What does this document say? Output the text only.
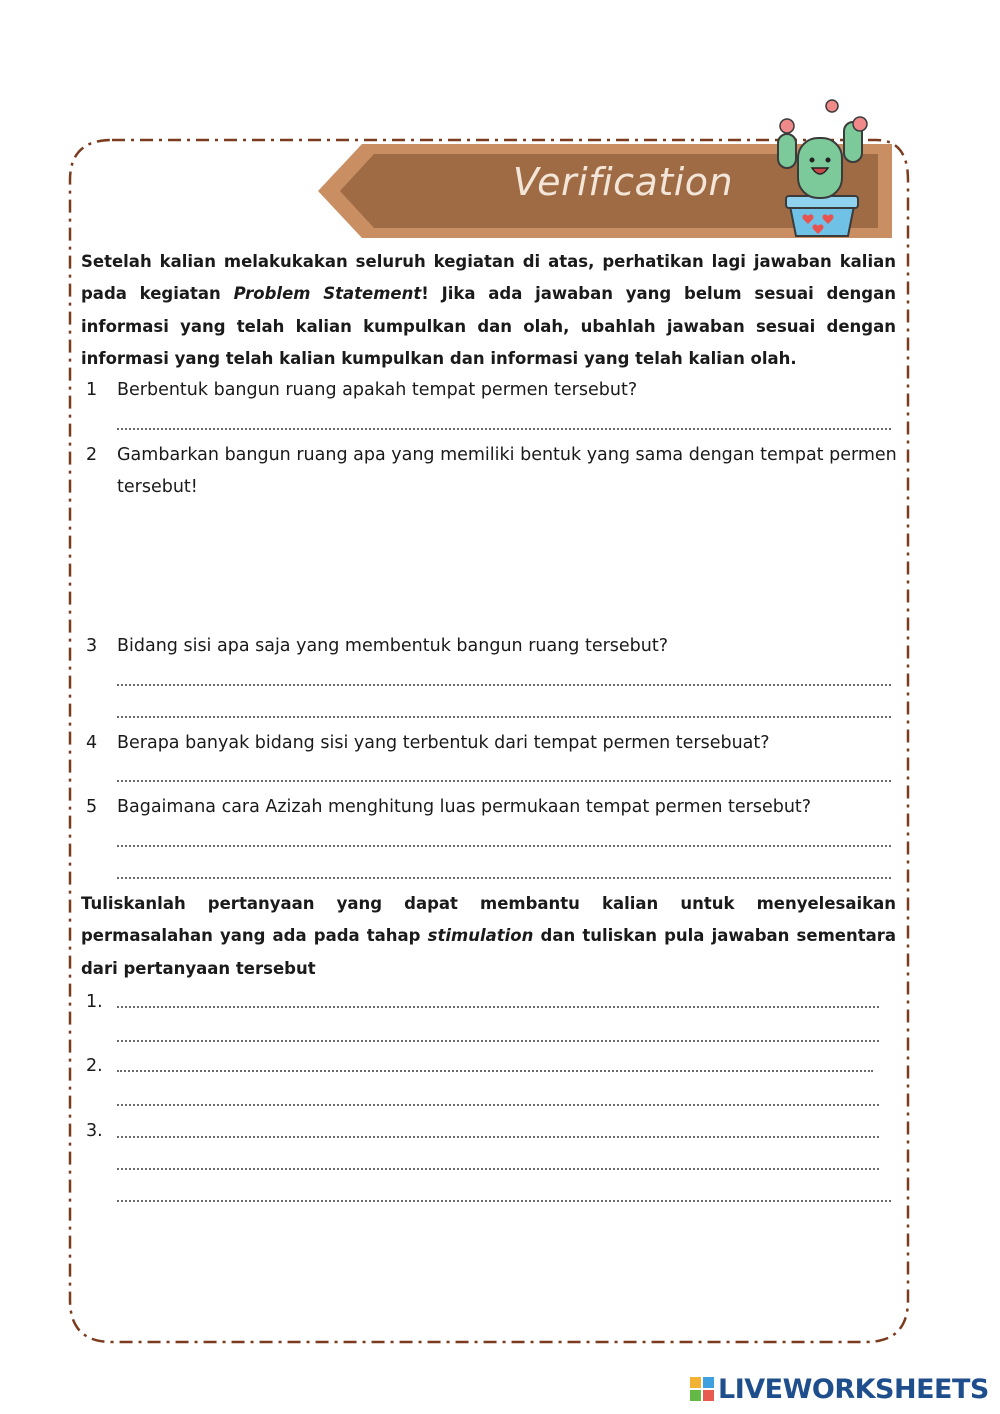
Verification

Setelah kalian melakukakan seluruh kegiatan di atas, perhatikan lagi jawaban kalian pada kegiatan Problem Statement! Jika ada jawaban yang belum sesuai dengan informasi yang telah kalian kumpulkan dan olah, ubahlah jawaban sesuai dengan informasi yang telah kalian kumpulkan dan informasi yang telah kalian olah.

1 Berbentuk bangun ruang apakah tempat permen tersebut?
2 Gambarkan bangun ruang apa yang memiliki bentuk yang sama dengan tempat permen tersebut!
3 Bidang sisi apa saja yang membentuk bangun ruang tersebut?
4 Berapa banyak bidang sisi yang terbentuk dari tempat permen tersebuat?
5 Bagaimana cara Azizah menghitung luas permukaan tempat permen tersebut?

Tuliskanlah pertanyaan yang dapat membantu kalian untuk menyelesaikan permasalahan yang ada pada tahap stimulation dan tuliskan pula jawaban sementara dari pertanyaan tersebut

1.
2.
3.
LIVEWORKSHEETS
